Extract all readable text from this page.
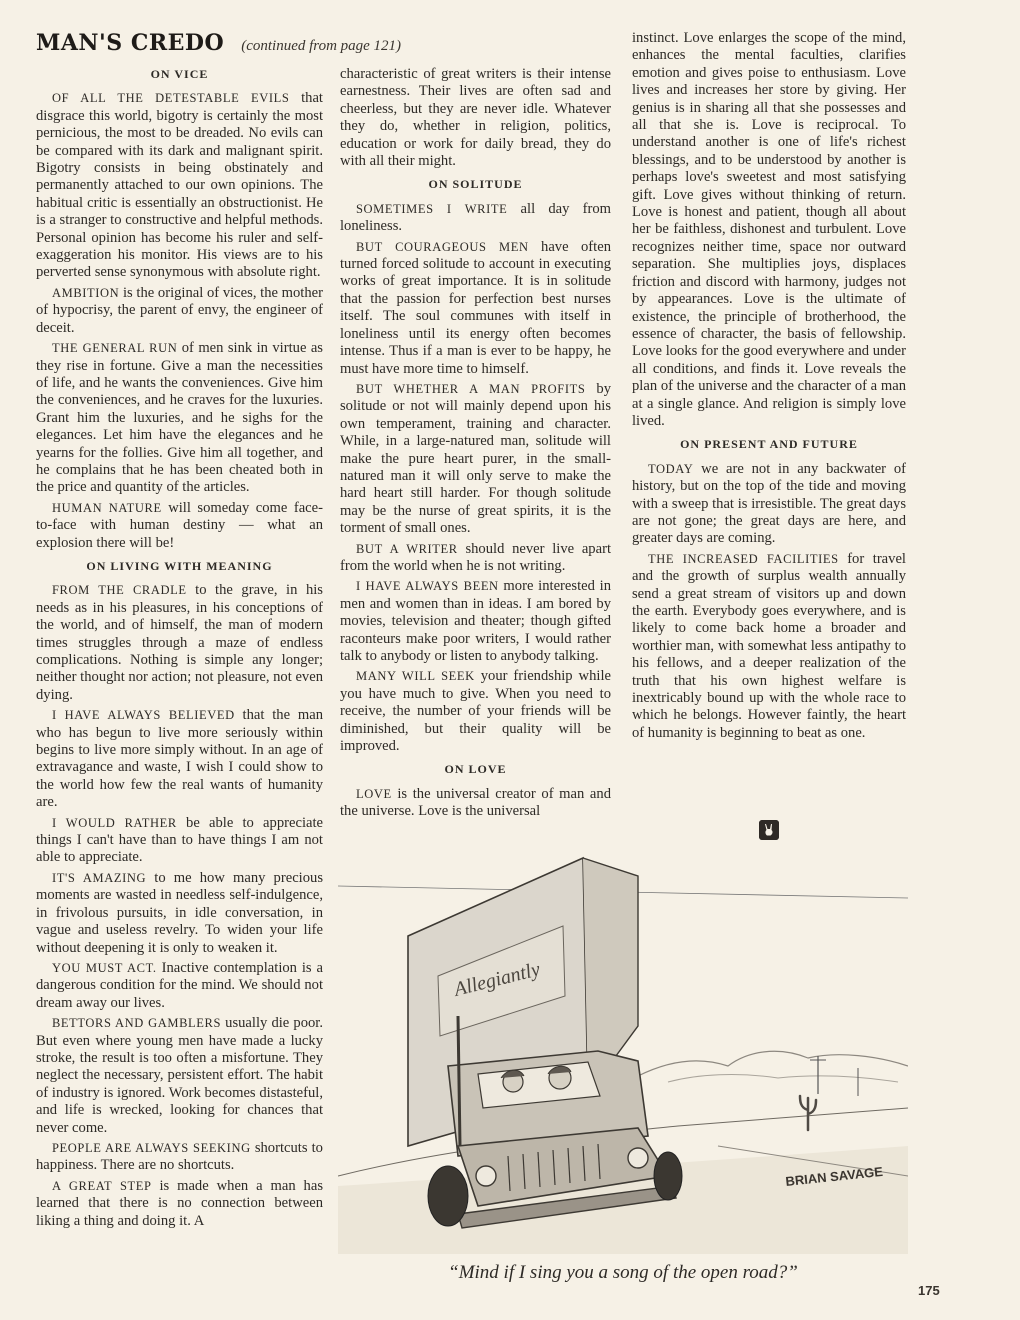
MAN'S CREDO (continued from page 121)
ON VICE

OF ALL THE DETESTABLE EVILS that disgrace this world, bigotry is certainly the most pernicious, the most to be dreaded. No evils can be compared with its dark and malignant spirit. Bigotry consists in being obstinately and permanently attached to our own opinions. The habitual critic is essentially an obstructionist. He is a stranger to constructive and helpful methods. Personal opinion has become his ruler and self-exaggeration his monitor. His views are to his perverted sense synonymous with absolute right.

AMBITION is the original of vices, the mother of hypocrisy, the parent of envy, the engineer of deceit.

THE GENERAL RUN of men sink in virtue as they rise in fortune. Give a man the necessities of life, and he wants the conveniences. Give him the conveniences, and he craves for the luxuries. Grant him the luxuries, and he sighs for the elegances. Let him have the elegances and he yearns for the follies. Give him all together, and he complains that he has been cheated both in the price and quantity of the articles.

HUMAN NATURE will someday come face-to-face with human destiny — what an explosion there will be!

ON LIVING WITH MEANING

FROM THE CRADLE to the grave, in his needs as in his pleasures, in his conceptions of the world, and of himself, the man of modern times struggles through a maze of endless complications. Nothing is simple any longer; neither thought nor action; not pleasure, not even dying.

I HAVE ALWAYS BELIEVED that the man who has begun to live more seriously within begins to live more simply without. In an age of extravagance and waste, I wish I could show to the world how few the real wants of humanity are.

I WOULD RATHER be able to appreciate things I can't have than to have things I am not able to appreciate.

IT'S AMAZING to me how many precious moments are wasted in needless self-indulgence, in frivolous pursuits, in idle conversation, in vague and useless revelry. To widen your life without deepening it is only to weaken it.

YOU MUST ACT. Inactive contemplation is a dangerous condition for the mind. We should not dream away our lives.

BETTORS AND GAMBLERS usually die poor. But even where young men have made a lucky stroke, the result is too often a misfortune. They neglect the necessary, persistent effort. The habit of industry is ignored. Work becomes distasteful, and life is wrecked, looking for chances that never come.

PEOPLE ARE ALWAYS SEEKING shortcuts to happiness. There are no shortcuts.

A GREAT STEP is made when a man has learned that there is no connection between liking a thing and doing it. A

characteristic of great writers is their intense earnestness. Their lives are often sad and cheerless, but they are never idle. Whatever they do, whether in religion, politics, education or work for daily bread, they do with all their might.

ON SOLITUDE

SOMETIMES I WRITE all day from loneliness.

BUT COURAGEOUS MEN have often turned forced solitude to account in executing works of great importance. It is in solitude that the passion for perfection best nurses itself. The soul communes with itself in loneliness until its energy often becomes intense. Thus if a man is ever to be happy, he must have more time to himself.

BUT WHETHER A MAN PROFITS by solitude or not will mainly depend upon his own temperament, training and character. While, in a large-natured man, solitude will make the pure heart purer, in the small-natured man it will only serve to make the hard heart still harder. For though solitude may be the nurse of great spirits, it is the torment of small ones.

BUT A WRITER should never live apart from the world when he is not writing.

I HAVE ALWAYS BEEN more interested in men and women than in ideas. I am bored by movies, television and theater; though gifted raconteurs make poor writers, I would rather talk to anybody or listen to anybody talking.

MANY WILL SEEK your friendship while you have much to give. When you need to receive, the number of your friends will be diminished, but their quality will be improved.

ON LOVE

LOVE is the universal creator of man and the universe. Love is the universal

instinct. Love enlarges the scope of the mind, enhances the mental faculties, clarifies emotion and gives poise to enthusiasm. Love lives and increases her store by giving. Her genius is in sharing all that she possesses and all that she is. Love is reciprocal. To understand another is one of life's richest blessings, and to be understood by another is perhaps love's sweetest and most satisfying gift. Love gives without thinking of return. Love is honest and patient, though all about her be faithless, dishonest and turbulent. Love recognizes neither time, space nor outward separation. She multiplies joys, displaces friction and discord with harmony, judges not by appearances. Love is the ultimate of existence, the principle of brotherhood, the essence of character, the basis of fellowship. Love looks for the good everywhere and under all conditions, and finds it. Love reveals the plan of the universe and the character of a man at a single glance. And religion is simply love lived.

ON PRESENT AND FUTURE

TODAY we are not in any backwater of history, but on the top of the tide and moving with a sweep that is irresistible. The great days are not gone; the great days are here, and greater days are coming.

THE INCREASED FACILITIES for travel and the growth of surplus wealth annually send a great stream of visitors up and down the earth. Everybody goes everywhere, and is likely to come back home a broader and worthier man, with somewhat less antipathy to his fellows, and a deeper realization of the truth that his own highest welfare is inextricably bound up with the whole race to which he belongs. However faintly, the heart of humanity is beginning to beat as one.

Allegiantly
BRIAN SAVAGE
“Mind if I sing you a song of the open road?”
175
